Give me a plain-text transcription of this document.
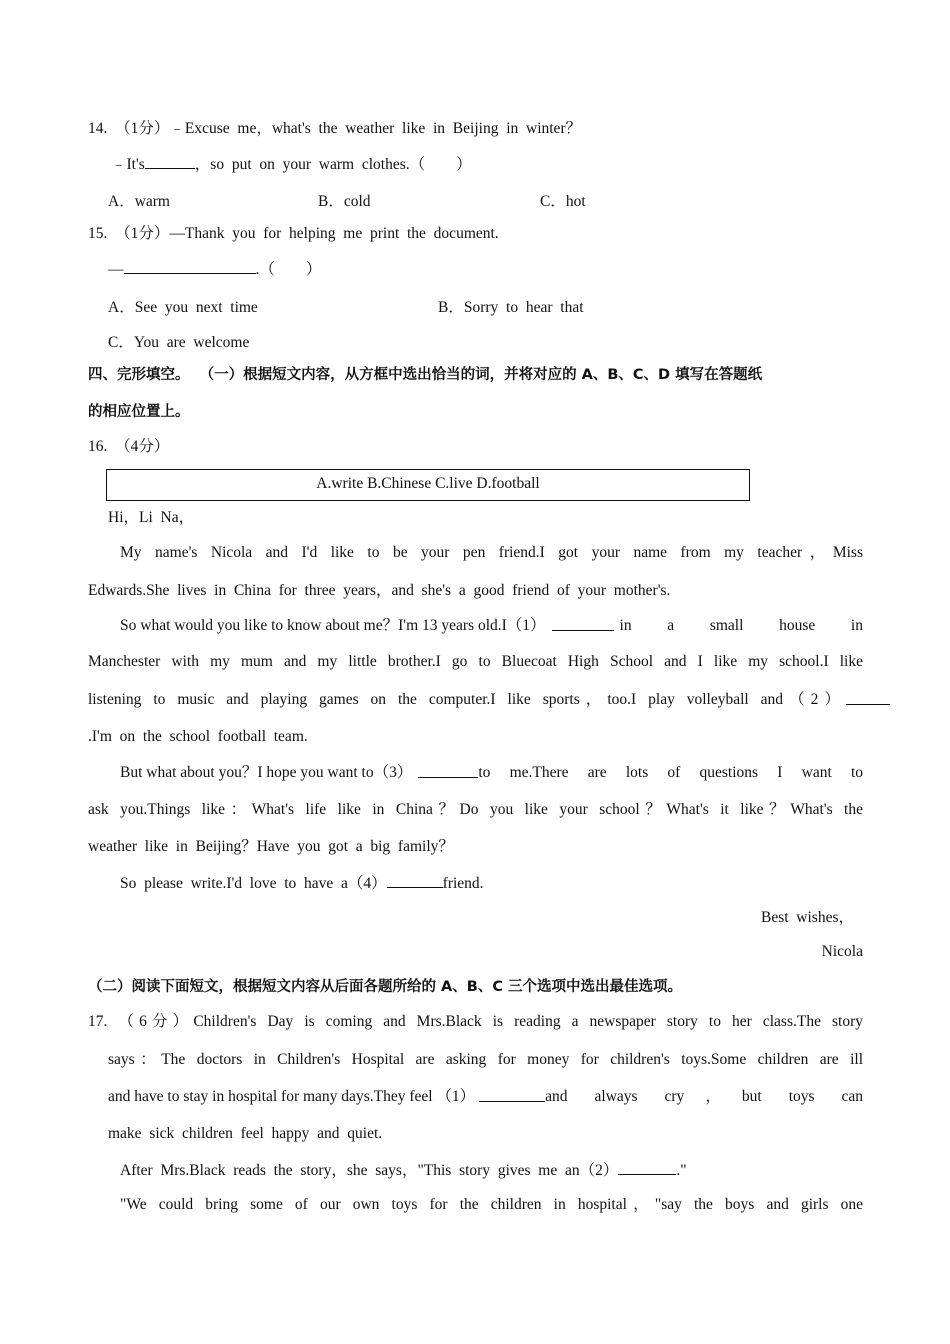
14.  （1分）﹣Excuse  me，what's  the  weather  like  in  Beijing  in  winter？
﹣It's	，so  put  on  your  warm  clothes.（        ）
A．warm	B．cold	C．hot
15.  （1分）—Thank  you  for  helping  me  print  the  document.
—	.（        ）
A．See  you  next  time	B．Sorry  to  hear  that
C．You  are  welcome
四、完形填空。  （一）根据短文内容，从方框中选出恰当的词，并将对应的 A、B、C、D 填写在答题纸
的相应位置上。
16.  （4分）
A.write B.Chinese C.live D.football
Hi，Li  Na，
My name's Nicola and I'd like to be your pen friend.I got your name from my teacher，Miss
Edwards.She  lives  in  China  for  three  years，and  she's  a  good  friend  of  your  mother's.
So what would you like to know about me？I'm 13 years old.I（1）	in a small house in
Manchester with my mum and my little brother.I go to Bluecoat High School and I like my school.I like
listening to music and playing games on the computer.I like sports，too.I play volleyball and（2）
.I'm  on  the  school  football  team.
But what about you？I hope you want to（3）	to me.There are lots of questions I want to
ask you.Things like：What's life like in China？Do you like your school？What's it like？What's the
weather  like  in  Beijing？Have  you  got  a  big  family？
So  please  write.I'd  love  to  have  a（4）	friend.
Best  wishes，
Nicola
（二）阅读下面短文，根据短文内容从后面各题所给的 A、B、C 三个选项中选出最佳选项。
17. （6分）Children's Day is coming and Mrs.Black is reading a newspaper story to her class.The story
says：The doctors in Children's Hospital are asking for money for children's toys.Some children are ill
and have to stay in hospital for many days.They feel （1）	and always cry，but toys can
make  sick  children  feel  happy  and  quiet.
After  Mrs.Black  reads  the  story，she  says，"This  story  gives  me  an（2）	."
"We could bring some of our own toys for the children in hospital，"say the boys and girls one
